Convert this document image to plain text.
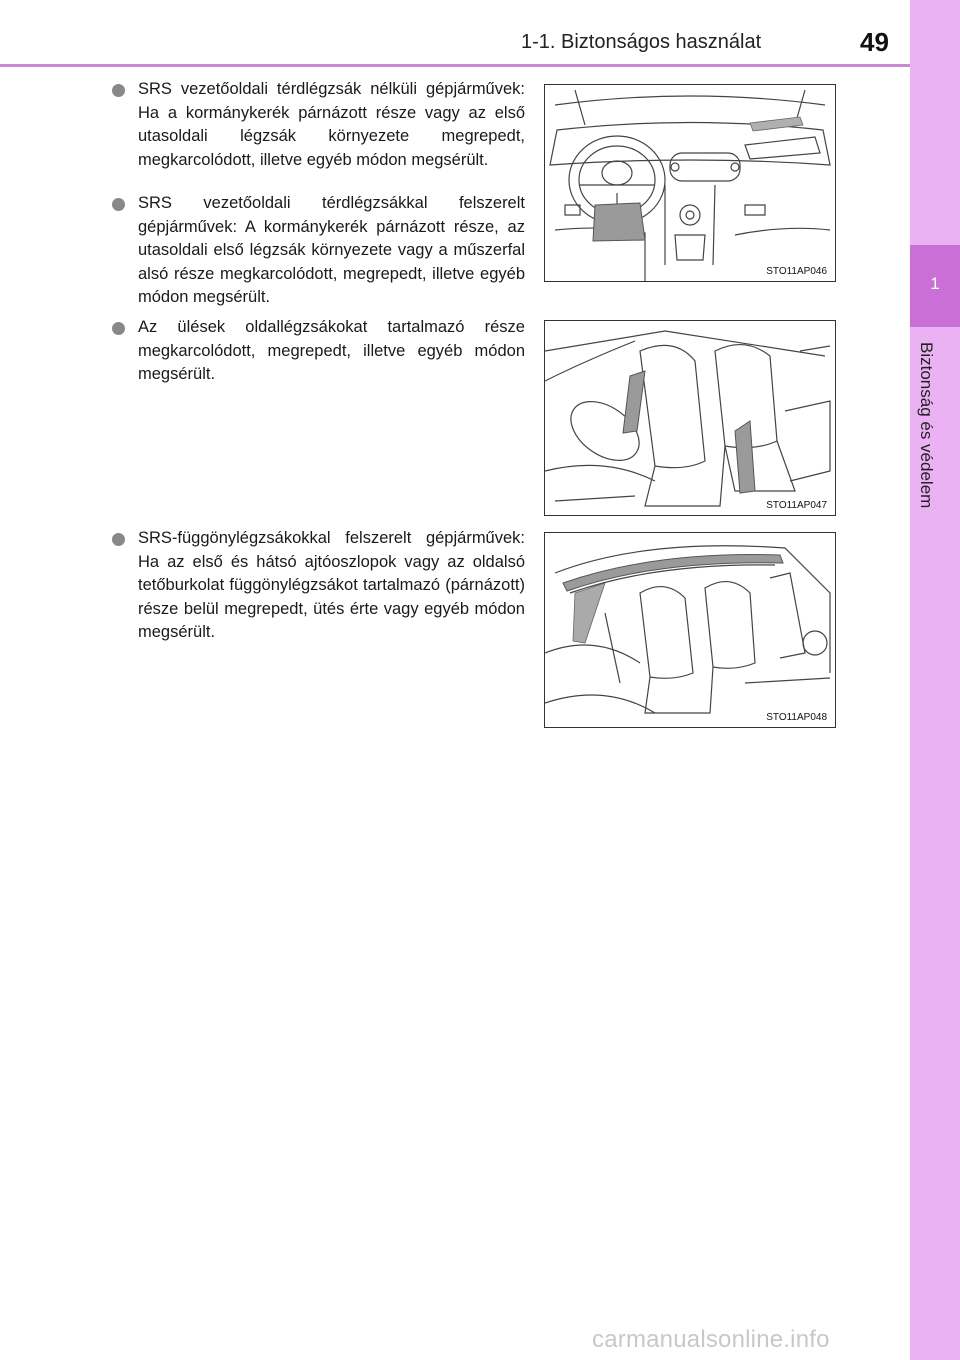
1-1. Biztonságos használat	49
1
Biztonság és védelem
SRS vezetőoldali térdlégzsák nélküli gépjárművek: Ha a kormánykerék párnázott része vagy az első utasoldali légzsák környezete megrepedt, megkarcolódott, illetve egyéb módon megsérült.
SRS vezetőoldali térdlégzsákkal felszerelt gépjárművek: A kormánykerék párnázott része, az utasoldali első légzsák környezete vagy a műszerfal alsó része megkarcolódott, megrepedt, illetve egyéb módon megsérült.
Az ülések oldallégzsákokat tartalmazó része megkarcolódott, megrepedt, illetve egyéb módon megsérült.
SRS-függönylégzsákokkal felszerelt gépjárművek: Ha az első és hátsó ajtóoszlopok vagy az oldalsó tetőburkolat függönylégzsákot tartalmazó (párnázott) része belül megrepedt, ütés érte vagy egyéb módon megsérült.
STO11AP046
STO11AP047
STO11AP048
carmanualsonline.info
